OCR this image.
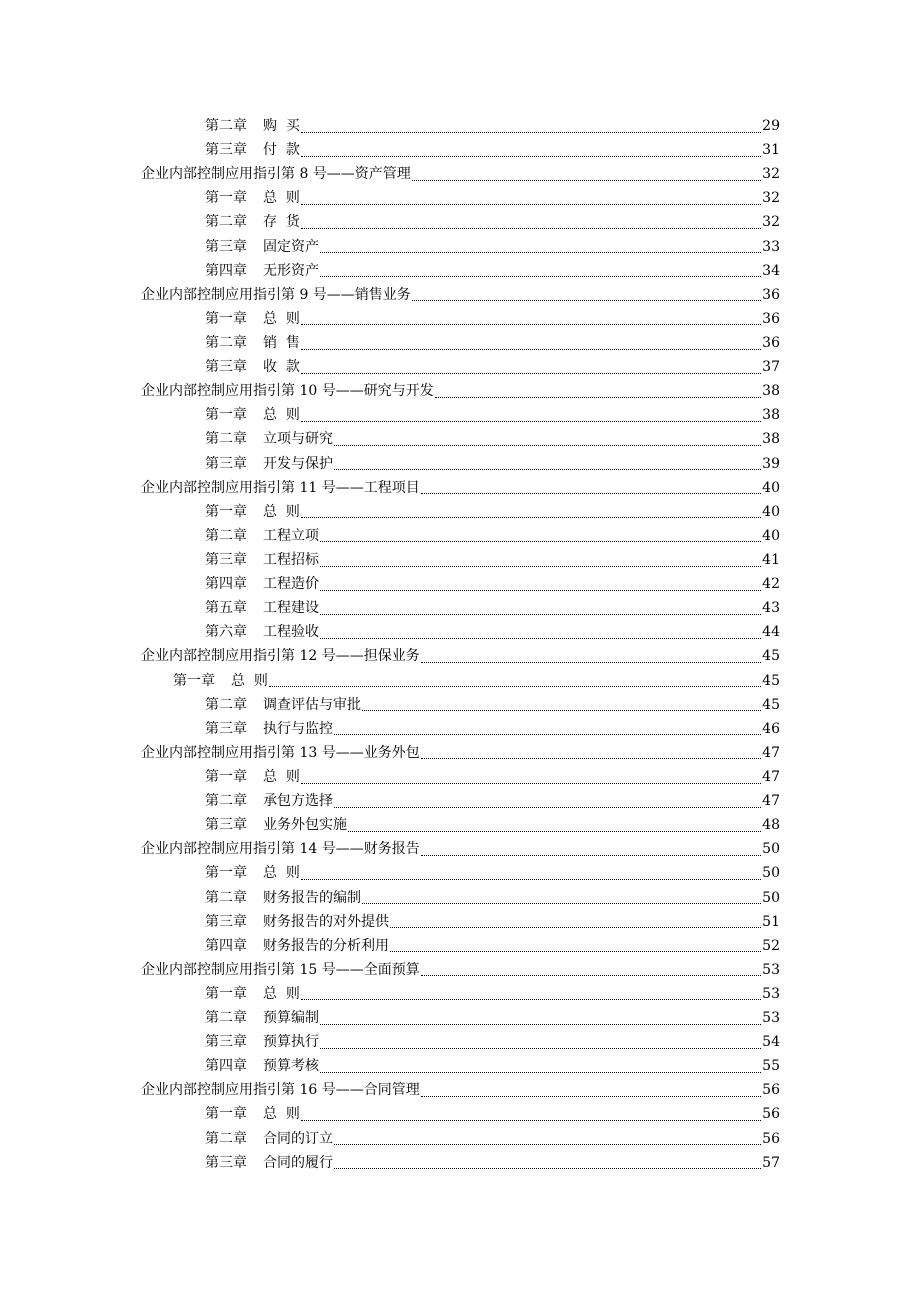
第二章 购  买	29
第三章 付  款	31
企业内部控制应用指引第 8 号——资产管理	32
第一章 总  则	32
第二章 存  货	32
第三章 固定资产	33
第四章 无形资产	34
企业内部控制应用指引第 9 号——销售业务	36
第一章 总  则	36
第二章 销  售	36
第三章 收  款	37
企业内部控制应用指引第 10 号——研究与开发	38
第一章 总  则	38
第二章 立项与研究	38
第三章 开发与保护	39
企业内部控制应用指引第 11 号——工程项目	40
第一章 总  则	40
第二章 工程立项	40
第三章 工程招标	41
第四章 工程造价	42
第五章 工程建设	43
第六章 工程验收	44
企业内部控制应用指引第 12 号——担保业务	45
第一章 总  则	45
第二章 调查评估与审批	45
第三章 执行与监控	46
企业内部控制应用指引第 13 号——业务外包	47
第一章 总  则	47
第二章 承包方选择	47
第三章 业务外包实施	48
企业内部控制应用指引第 14 号——财务报告	50
第一章 总  则	50
第二章 财务报告的编制	50
第三章 财务报告的对外提供	51
第四章 财务报告的分析利用	52
企业内部控制应用指引第 15 号——全面预算	53
第一章 总  则	53
第二章 预算编制	53
第三章 预算执行	54
第四章 预算考核	55
企业内部控制应用指引第 16 号——合同管理	56
第一章 总  则	56
第二章 合同的订立	56
第三章 合同的履行	57
